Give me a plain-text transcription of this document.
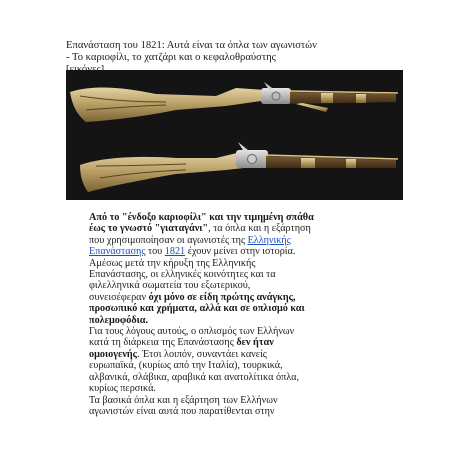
Επανάσταση του 1821: Αυτά είναι τα όπλα των αγωνιστών
- Το καριοφίλι, το χατζάρι και ο κεφαλοθραύστης
Από το "ένδοξο καριοφίλι" και την τιμημένη σπάθα
έως το γνωστό "γιαταγάνι", τα όπλα και η εξάρτηση
που χρησιμοποίησαν οι αγωνιστές της Ελληνικής
Επανάστασης του 1821 έχουν μείνει στην ιστορία.
Αμέσως μετά την κήρυξη της Ελληνικής
Επανάστασης, οι ελληνικές κοινότητες και τα
φιλελληνικά σωματεία του εξωτερικού,
συνεισέφεραν όχι μόνο σε είδη πρώτης ανάγκης,
προσωπικό και χρήματα, αλλά και σε οπλισμό και
πολεμοφόδια.
Για τους λόγους αυτούς, ο οπλισμός των Ελλήνων
κατά τη διάρκεια της Επανάστασης δεν ήταν
ομοιογενής. Έτσι λοιπόν, συναντάει κανείς
ευρωπαϊκά, (κυρίως από την Ιταλία), τουρκικά,
αλβανικά, σλάβικα, αραβικά και ανατολίτικα όπλα,
κυρίως περσικά.
Τα βασικά όπλα και η εξάρτηση των Ελλήνων
αγωνιστών είναι αυτά που παρατίθενται στην
